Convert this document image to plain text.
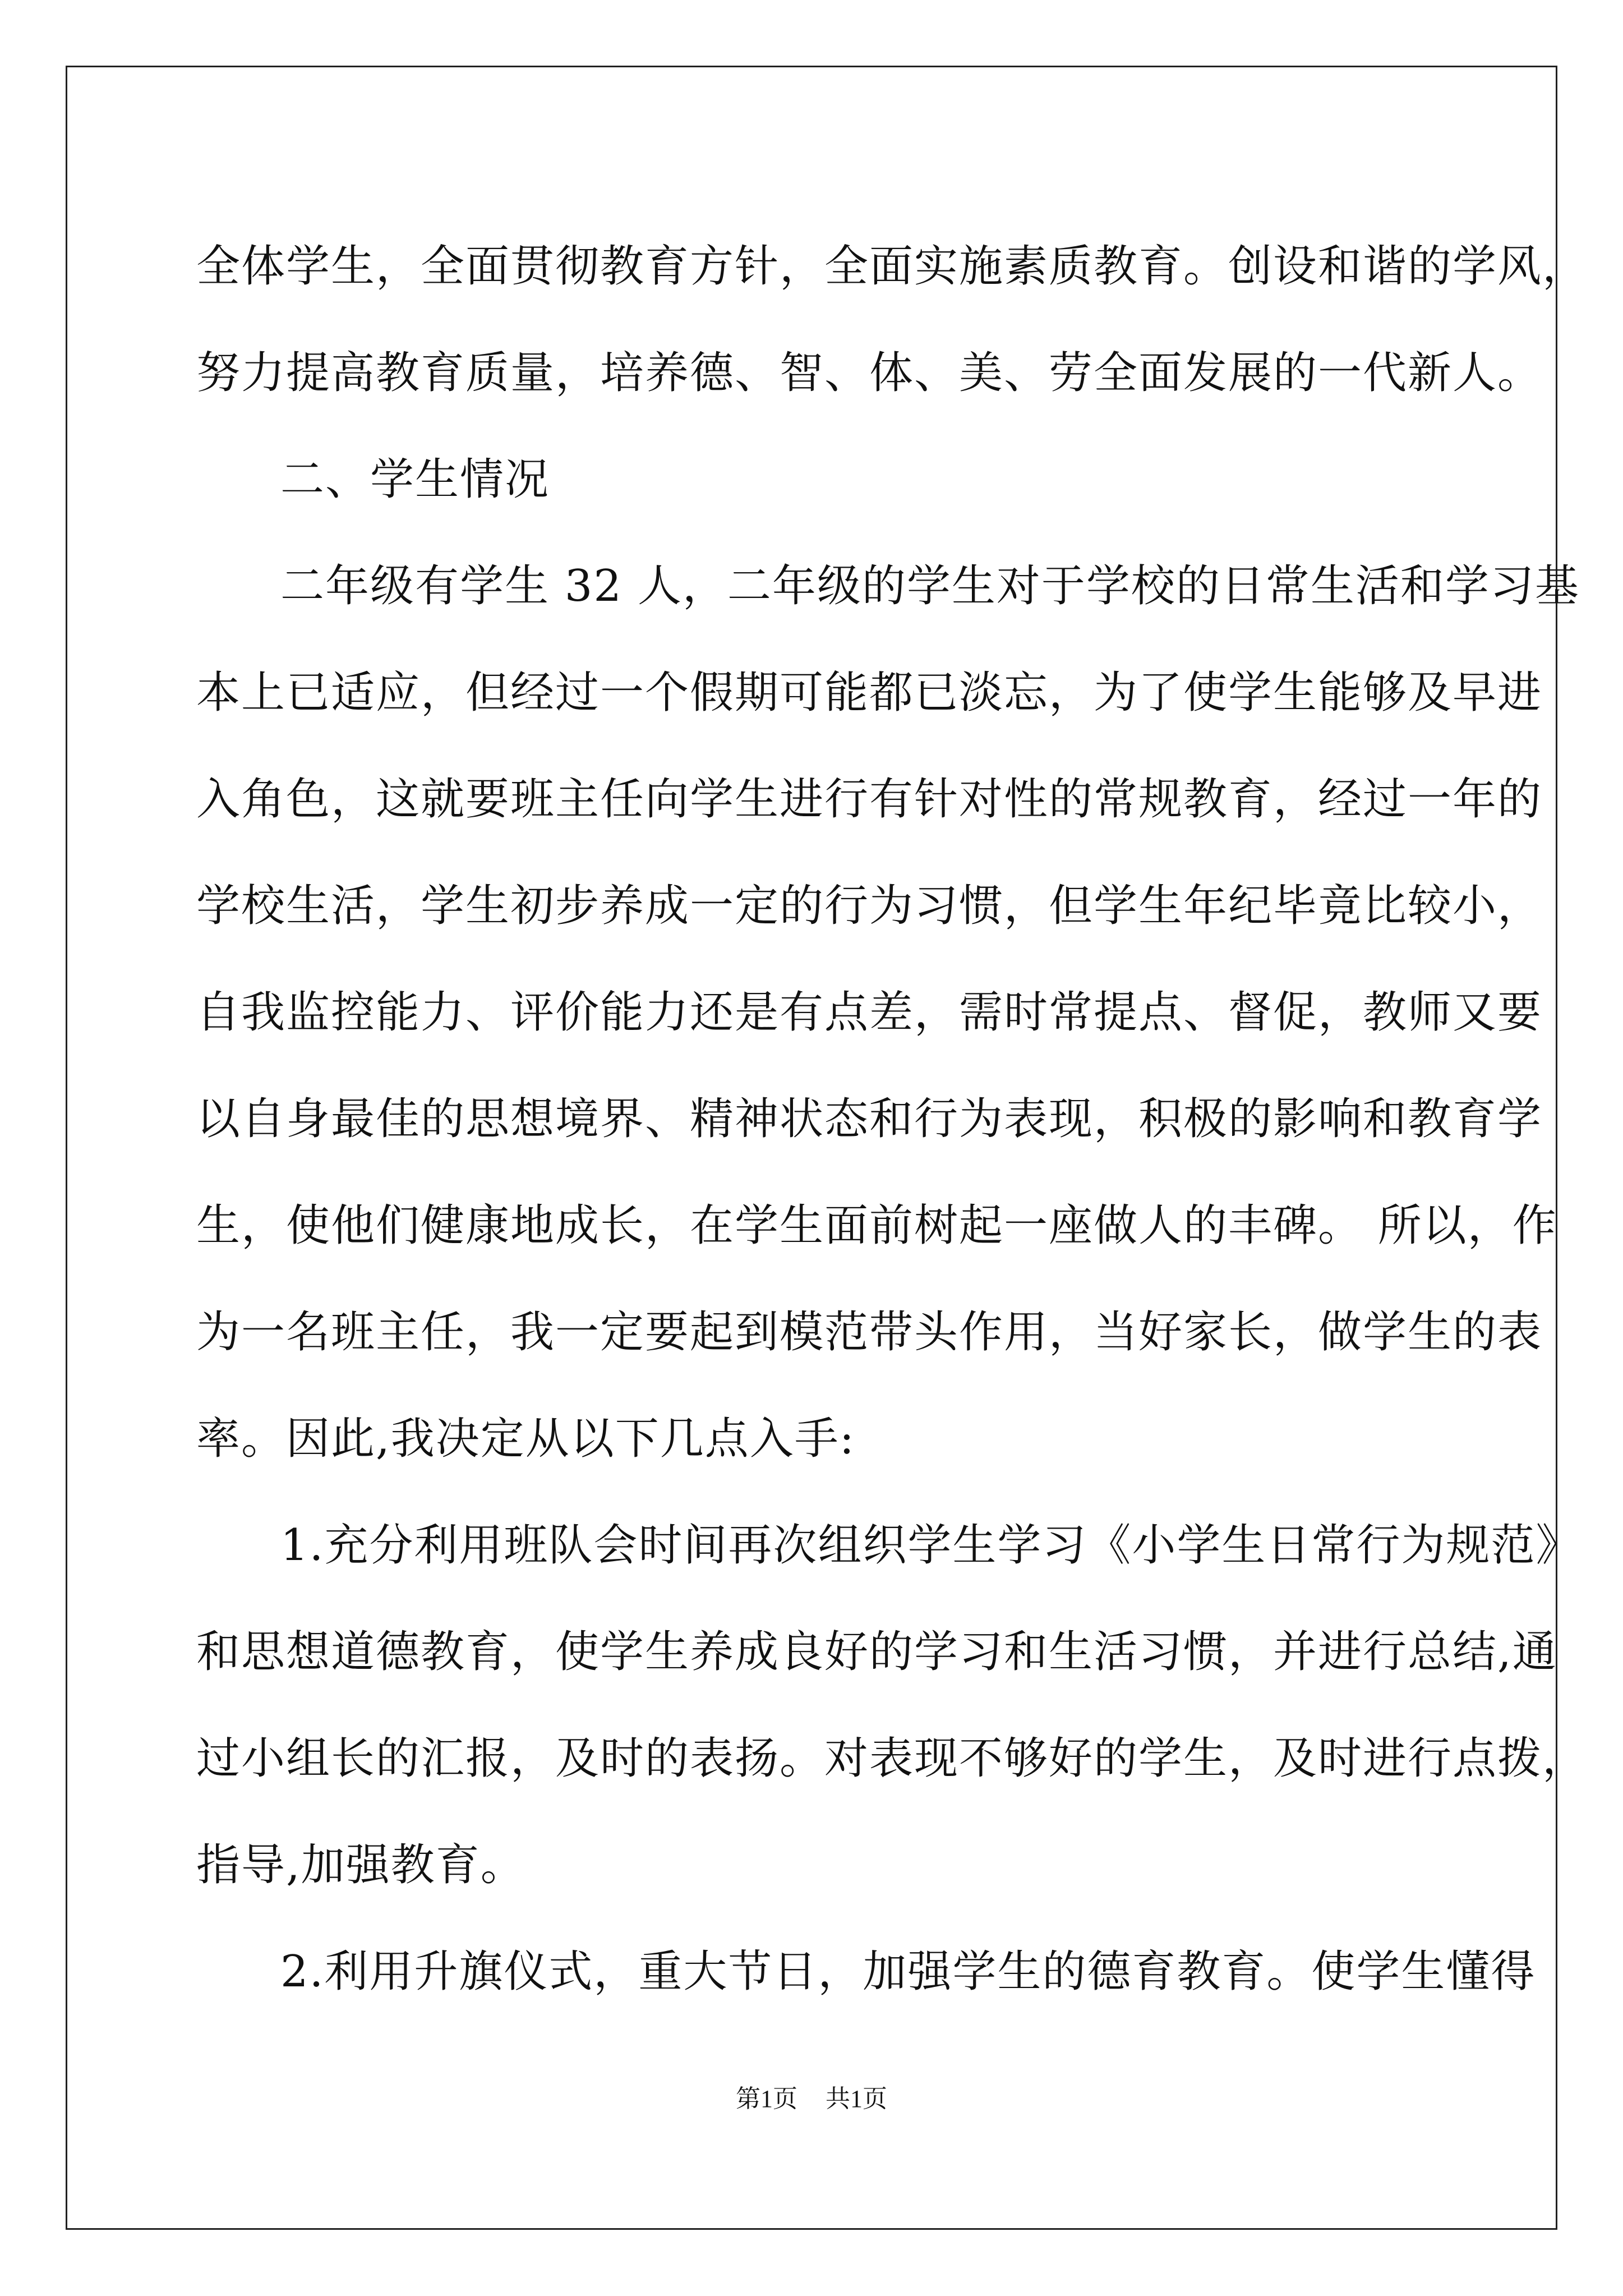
全体学生，全面贯彻教育方针，全面实施素质教育。创设和谐的学风，
努力提高教育质量，培养德、智、体、美、劳全面发展的一代新人。
二、学生情况
二年级有学生 32 人，二年级的学生对于学校的日常生活和学习基
本上已适应，但经过一个假期可能都已淡忘，为了使学生能够及早进
入角色，这就要班主任向学生进行有针对性的常规教育，经过一年的
学校生活，学生初步养成一定的行为习惯，但学生年纪毕竟比较小，
自我监控能力、评价能力还是有点差，需时常提点、督促，教师又要
以自身最佳的思想境界、精神状态和行为表现，积极的影响和教育学
生，使他们健康地成长，在学生面前树起一座做人的丰碑。 所以，作
为一名班主任，我一定要起到模范带头作用，当好家长，做学生的表
率。因此,我决定从以下几点入手:
1.充分利用班队会时间再次组织学生学习《小学生日常行为规范》
和思想道德教育，使学生养成良好的学习和生活习惯，并进行总结,通
过小组长的汇报，及时的表扬。对表现不够好的学生，及时进行点拨，
指导,加强教育。
2.利用升旗仪式，重大节日，加强学生的德育教育。使学生懂得
第1页 共1页
